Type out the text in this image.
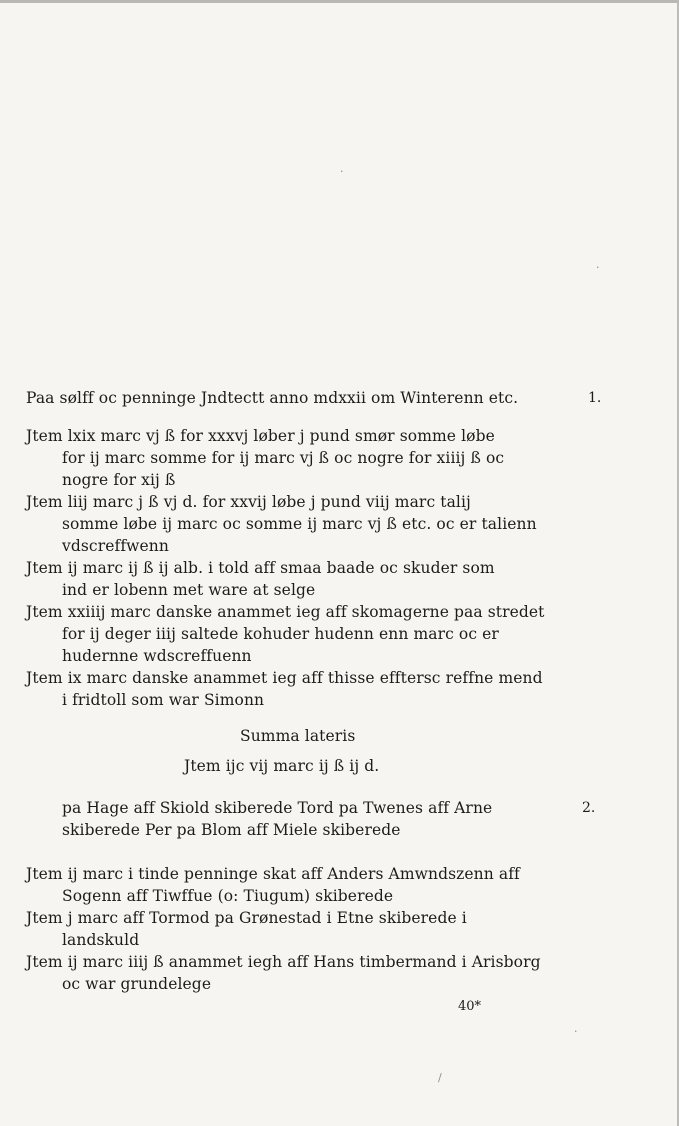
Paa sølff oc penninge Jndtectt anno mdxxii om Winterenn etc.	1.
Jtem lxix marc vj ß for xxxvj løber j pund smør somme løbe
for ij marc somme for ij marc vj ß oc nogre for xiiij ß oc
nogre for xij ß
Jtem liij marc j ß vj d. for xxvij løbe j pund viij marc talij
somme løbe ij marc oc somme ij marc vj ß etc. oc er talienn
vdscreffwenn
Jtem ij marc ij ß ij alb. i told aff smaa baade oc skuder som
ind er lobenn met ware at selge
Jtem xxiiij marc danske anammet ieg aff skomagerne paa stredet
for ij deger iiij saltede kohuder hudenn enn marc oc er
hudernne wdscreffuenn
Jtem ix marc danske anammet ieg aff thisse efftersc reffne mend
i fridtoll som war Simonn
Summa lateris
Jtem ijc vij marc ij ß ij d.
pa Hage aff Skiold skiberede Tord pa Twenes aff Arne
skiberede Per pa Blom aff Miele skiberede
2.
Jtem ij marc i tinde penninge skat aff Anders Amwndszenn aff
Sogenn aff Tiwffue (o: Tiugum) skiberede
Jtem j marc aff Tormod pa Grønestad i Etne skiberede i
landskuld
Jtem ij marc iiij ß anammet iegh aff Hans timbermand i Arisborg
oc war grundelege
40*
·
·
·
/
